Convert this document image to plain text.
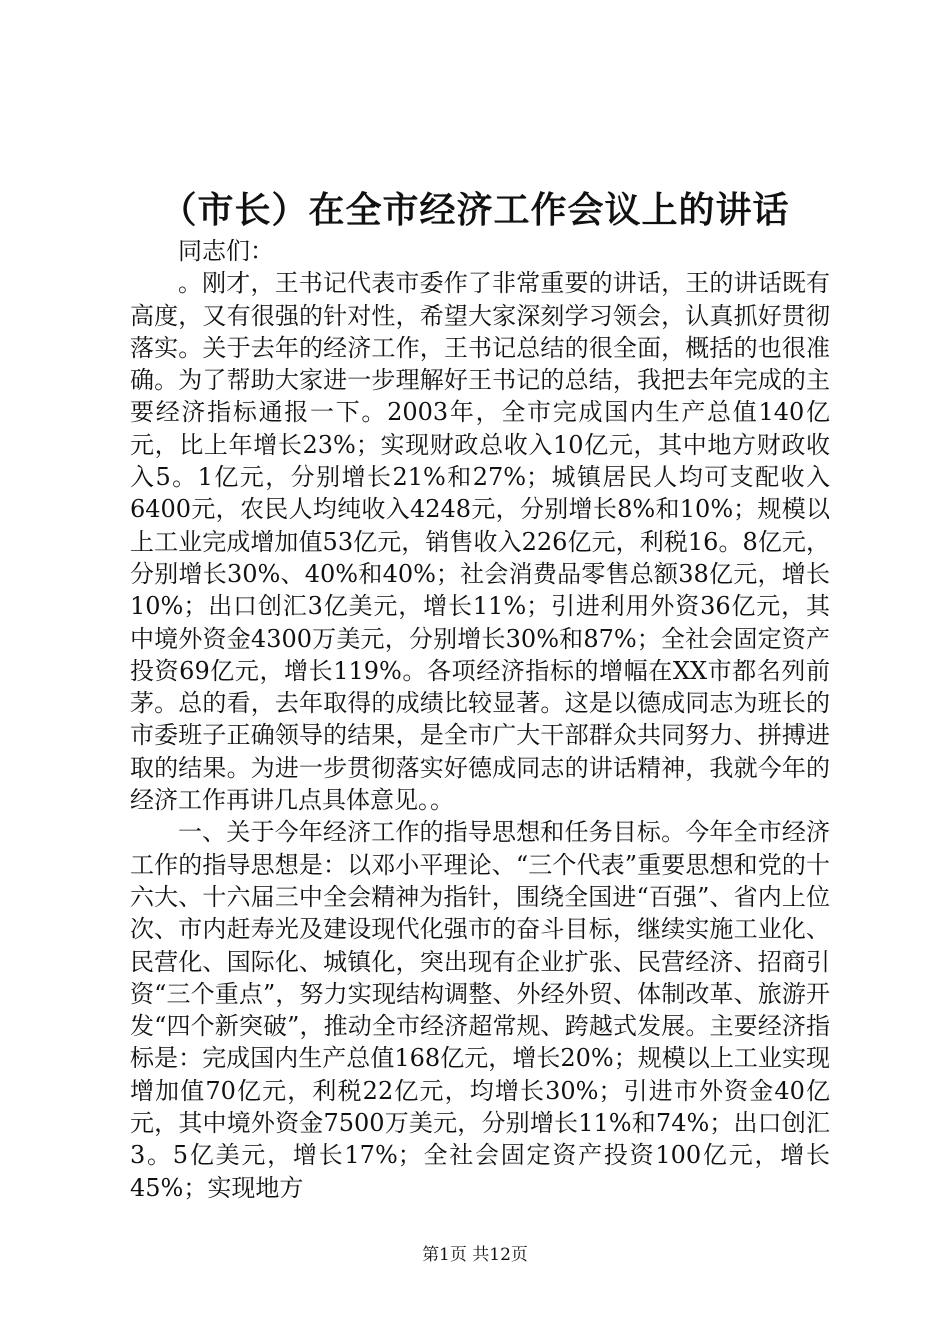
（市长）在全市经济工作会议上的讲话

同志们：

。刚才，王书记代表市委作了非常重要的讲话，王的讲话既有高度，又有很强的针对性，希望大家深刻学习领会，认真抓好贯彻落实。关于去年的经济工作，王书记总结的很全面，概括的也很准确。为了帮助大家进一步理解好王书记的总结，我把去年完成的主要经济指标通报一下。2003年，全市完成国内生产总值140亿元，比上年增长23%；实现财政总收入10亿元，其中地方财政收入5。1亿元，分别增长21%和27%；城镇居民人均可支配收入6400元，农民人均纯收入4248元，分别增长8%和10%；规模以上工业完成增加值53亿元，销售收入226亿元，利税16。8亿元，分别增长30%、40%和40%；社会消费品零售总额38亿元，增长10%；出口创汇3亿美元，增长11%；引进利用外资36亿元，其中境外资金4300万美元，分别增长30%和87%；全社会固定资产投资69亿元，增长119%。各项经济指标的增幅在XX市都名列前茅。总的看，去年取得的成绩比较显著。这是以德成同志为班长的市委班子正确领导的结果，是全市广大干部群众共同努力、拼搏进取的结果。为进一步贯彻落实好德成同志的讲话精神，我就今年的经济工作再讲几点具体意见。。

一、关于今年经济工作的指导思想和任务目标。今年全市经济工作的指导思想是：以邓小平理论、“三个代表”重要思想和党的十六大、十六届三中全会精神为指针，围绕全国进“百强”、省内上位次、市内赶寿光及建设现代化强市的奋斗目标，继续实施工业化、民营化、国际化、城镇化，突出现有企业扩张、民营经济、招商引资“三个重点”，努力实现结构调整、外经外贸、体制改革、旅游开发“四个新突破”，推动全市经济超常规、跨越式发展。主要经济指标是：完成国内生产总值168亿元，增长20%；规模以上工业实现增加值70亿元，利税22亿元，均增长30%；引进市外资金40亿元，其中境外资金7500万美元，分别增长11%和74%；出口创汇3。5亿美元，增长17%；全社会固定资产投资100亿元，增长45%；实现地方

第1页 共12页
